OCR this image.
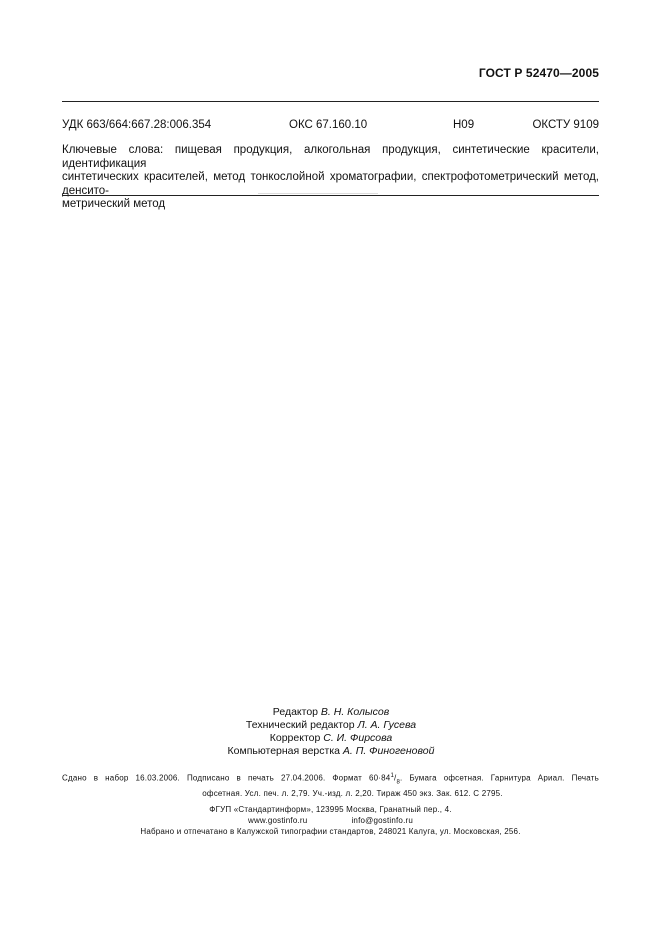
ГОСТ Р 52470—2005
УДК 663/664:667.28:006.354	ОКС 67.160.10	Н09	ОКСТУ 9109
Ключевые слова: пищевая продукция, алкогольная продукция, синтетические красители, идентификация
синтетических красителей, метод тонкослойной хроматографии, спектрофотометрический метод, денсито-
метрический метод
Редактор В. Н. Колысов
Технический редактор Л. А. Гусева
Корректор С. И. Фирсова
Компьютерная верстка А. П. Финогеновой
Сдано в набор 16.03.2006. Подписано в печать 27.04.2006. Формат $60\cdot 84^1/_8$. Бумага офсетная. Гарнитура Ариал. Печать
офсетная. Усл. печ. л. 2,79. Уч.-изд. л. 2,20. Тираж 450 экз. Зак. 612. С 2795.
ФГУП «Стандартинформ», 123995 Москва, Гранатный пер., 4.
www.gostinfo.ru	info@gostinfo.ru
Набрано и отпечатано в Калужской типографии стандартов, 248021 Калуга, ул. Московская, 256.
